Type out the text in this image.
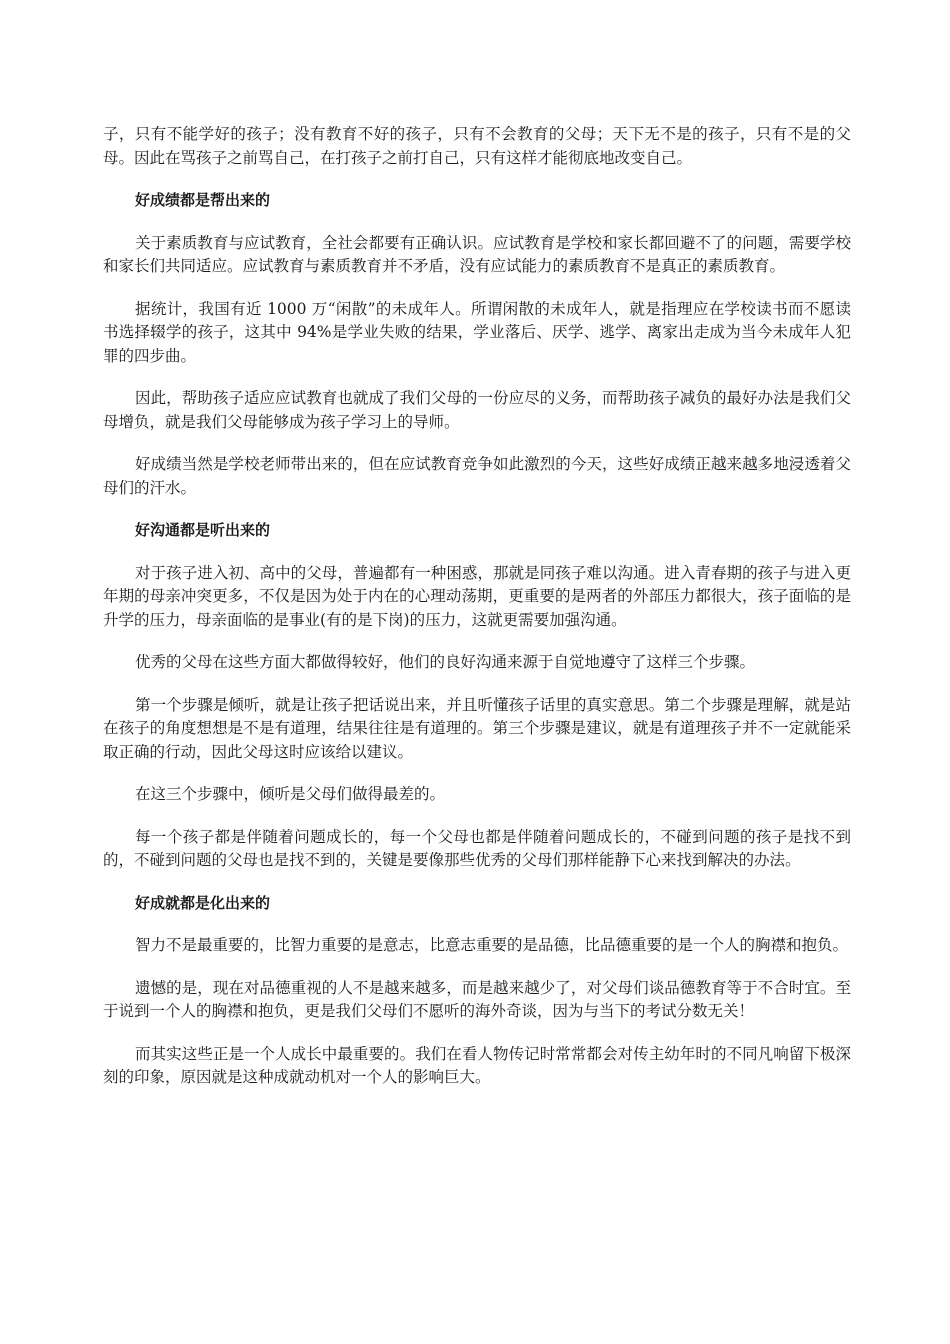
子，只有不能学好的孩子；没有教育不好的孩子，只有不会教育的父母；天下无不是的孩子，只有不是的父母。因此在骂孩子之前骂自己，在打孩子之前打自己，只有这样才能彻底地改变自己。

好成绩都是帮出来的

关于素质教育与应试教育，全社会都要有正确认识。应试教育是学校和家长都回避不了的问题，需要学校和家长们共同适应。应试教育与素质教育并不矛盾，没有应试能力的素质教育不是真正的素质教育。

据统计，我国有近 1000 万“闲散”的未成年人。所谓闲散的未成年人，就是指理应在学校读书而不愿读书选择辍学的孩子，这其中 94%是学业失败的结果，学业落后、厌学、逃学、离家出走成为当今未成年人犯罪的四步曲。

因此，帮助孩子适应应试教育也就成了我们父母的一份应尽的义务，而帮助孩子减负的最好办法是我们父母增负，就是我们父母能够成为孩子学习上的导师。

好成绩当然是学校老师带出来的，但在应试教育竞争如此激烈的今天，这些好成绩正越来越多地浸透着父母们的汗水。

好沟通都是听出来的

对于孩子进入初、高中的父母，普遍都有一种困惑，那就是同孩子难以沟通。进入青春期的孩子与进入更年期的母亲冲突更多，不仅是因为处于内在的心理动荡期，更重要的是两者的外部压力都很大，孩子面临的是升学的压力，母亲面临的是事业(有的是下岗)的压力，这就更需要加强沟通。

优秀的父母在这些方面大都做得较好，他们的良好沟通来源于自觉地遵守了这样三个步骤。

第一个步骤是倾听，就是让孩子把话说出来，并且听懂孩子话里的真实意思。第二个步骤是理解，就是站在孩子的角度想想是不是有道理，结果往往是有道理的。第三个步骤是建议，就是有道理孩子并不一定就能采取正确的行动，因此父母这时应该给以建议。

在这三个步骤中，倾听是父母们做得最差的。

每一个孩子都是伴随着问题成长的，每一个父母也都是伴随着问题成长的，不碰到问题的孩子是找不到的，不碰到问题的父母也是找不到的，关键是要像那些优秀的父母们那样能静下心来找到解决的办法。

好成就都是化出来的

智力不是最重要的，比智力重要的是意志，比意志重要的是品德，比品德重要的是一个人的胸襟和抱负。

遗憾的是，现在对品德重视的人不是越来越多，而是越来越少了，对父母们谈品德教育等于不合时宜。至于说到一个人的胸襟和抱负，更是我们父母们不愿听的海外奇谈，因为与当下的考试分数无关！

而其实这些正是一个人成长中最重要的。我们在看人物传记时常常都会对传主幼年时的不同凡响留下极深刻的印象，原因就是这种成就动机对一个人的影响巨大。
